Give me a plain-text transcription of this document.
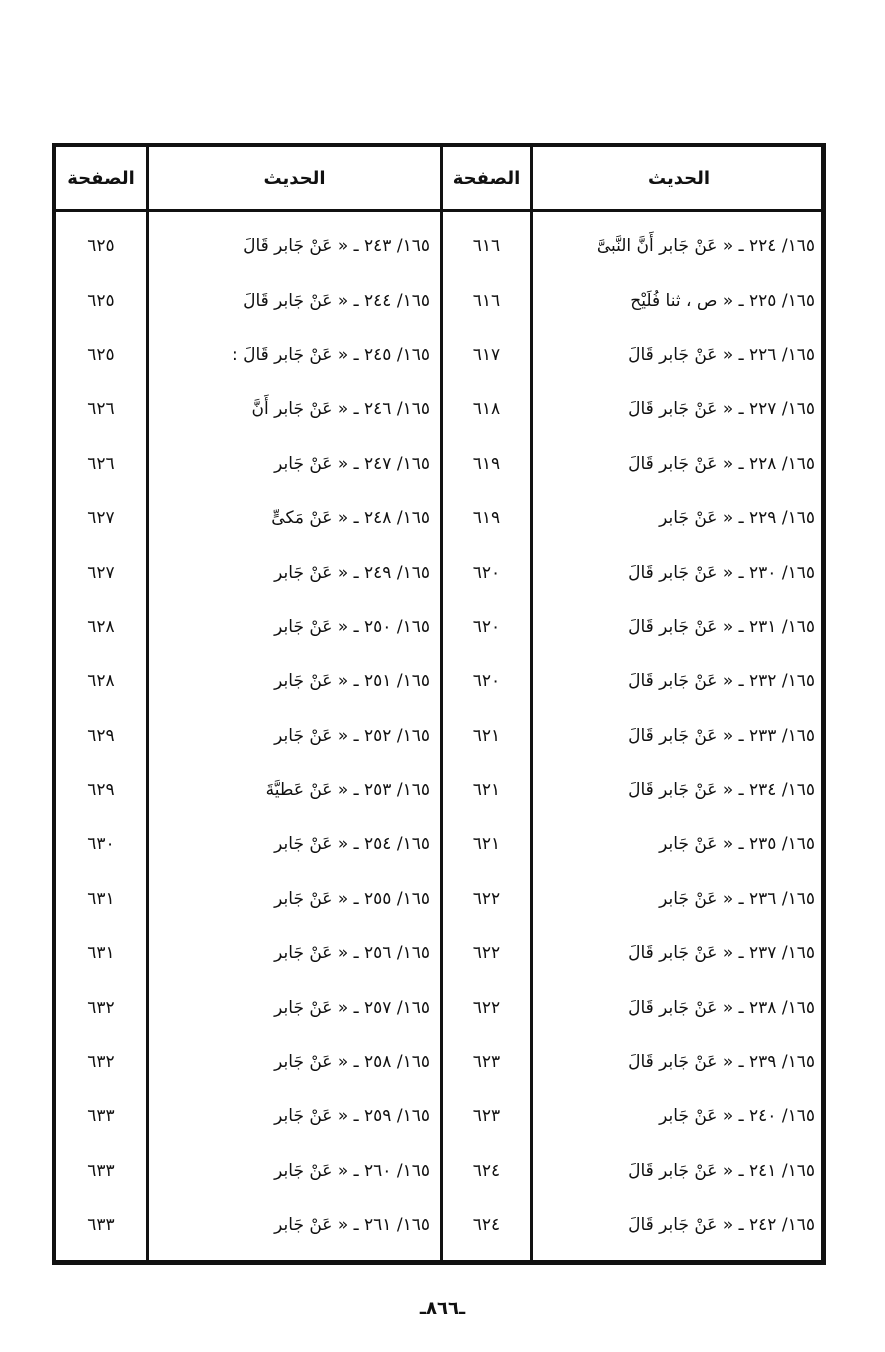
الصفحة	الحديث	الصفحة	الحديث
٦٢٥	١٦٥/ ٢٤٣ ـ « عَنْ جَابر قَالَ	٦١٦	١٦٥/ ٢٢٤ ـ « عَنْ جَابر أَنَّ النَّبىَّ
٦٢٥	١٦٥/ ٢٤٤ ـ « عَنْ جَابر قَالَ	٦١٦	١٦٥/ ٢٢٥ ـ « ص ، ثنا فُلَيْح
٦٢٥	١٦٥/ ٢٤٥ ـ « عَنْ جَابر قَالَ :	٦١٧	١٦٥/ ٢٢٦ ـ « عَنْ جَابر قَالَ
٦٢٦	١٦٥/ ٢٤٦ ـ « عَنْ جَابر أَنَّ	٦١٨	١٦٥/ ٢٢٧ ـ « عَنْ جَابر قَالَ
٦٢٦	١٦٥/ ٢٤٧ ـ « عَنْ جَابر	٦١٩	١٦٥/ ٢٢٨ ـ « عَنْ جَابر قَالَ
٦٢٧	١٦٥/ ٢٤٨ ـ « عَنْ مَكىٍّ	٦١٩	١٦٥/ ٢٢٩ ـ « عَنْ جَابر
٦٢٧	١٦٥/ ٢٤٩ ـ « عَنْ جَابر	٦٢٠	١٦٥/ ٢٣٠ ـ « عَنْ جَابر قَالَ
٦٢٨	١٦٥/ ٢٥٠ ـ « عَنْ جَابر	٦٢٠	١٦٥/ ٢٣١ ـ « عَنْ جَابر قَالَ
٦٢٨	١٦٥/ ٢٥١ ـ « عَنْ جَابر	٦٢٠	١٦٥/ ٢٣٢ ـ « عَنْ جَابر قَالَ
٦٢٩	١٦٥/ ٢٥٢ ـ « عَنْ جَابر	٦٢١	١٦٥/ ٢٣٣ ـ « عَنْ جَابر قَالَ
٦٢٩	١٦٥/ ٢٥٣ ـ « عَنْ عَطيَّةَ	٦٢١	١٦٥/ ٢٣٤ ـ « عَنْ جَابر قَالَ
٦٣٠	١٦٥/ ٢٥٤ ـ « عَنْ جَابر	٦٢١	١٦٥/ ٢٣٥ ـ « عَنْ جَابر
٦٣١	١٦٥/ ٢٥٥ ـ « عَنْ جَابر	٦٢٢	١٦٥/ ٢٣٦ ـ « عَنْ جَابر
٦٣١	١٦٥/ ٢٥٦ ـ « عَنْ جَابر	٦٢٢	١٦٥/ ٢٣٧ ـ « عَنْ جَابر قَالَ
٦٣٢	١٦٥/ ٢٥٧ ـ « عَنْ جَابر	٦٢٢	١٦٥/ ٢٣٨ ـ « عَنْ جَابر قَالَ
٦٣٢	١٦٥/ ٢٥٨ ـ « عَنْ جَابر	٦٢٣	١٦٥/ ٢٣٩ ـ « عَنْ جَابر قَالَ
٦٣٣	١٦٥/ ٢٥٩ ـ « عَنْ جَابر	٦٢٣	١٦٥/ ٢٤٠ ـ « عَنْ جَابر
٦٣٣	١٦٥/ ٢٦٠ ـ « عَنْ جَابر	٦٢٤	١٦٥/ ٢٤١ ـ « عَنْ جَابر قَالَ
٦٣٣	١٦٥/ ٢٦١ ـ « عَنْ جَابر	٦٢٤	١٦٥/ ٢٤٢ ـ « عَنْ جَابر قَالَ
ـ٨٦٦ـ
